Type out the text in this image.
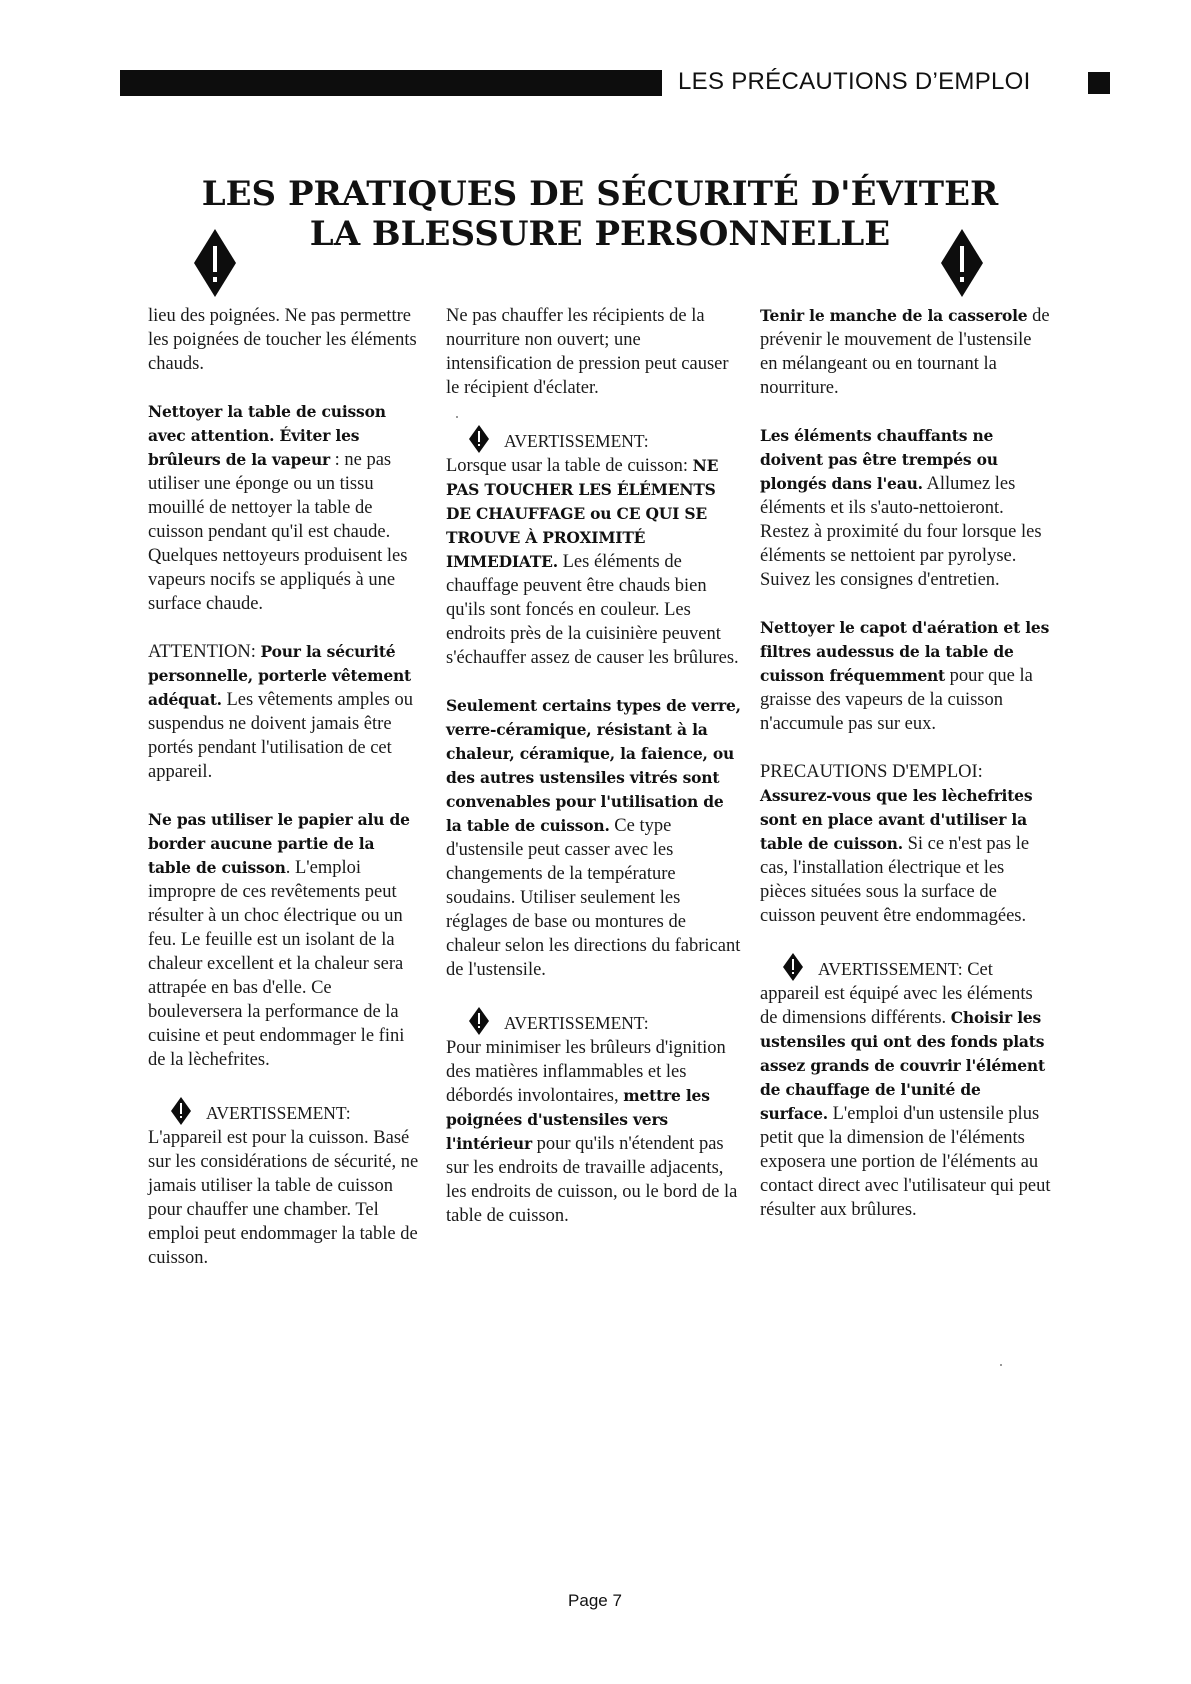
LES PRÉCAUTIONS D’EMPLOI
LES PRATIQUES DE SÉCURITÉ D'ÉVITER
LA BLESSURE PERSONNELLE

lieu des poignées. Ne pas permettre les poignées de toucher les éléments chauds.

Nettoyer la table de cuisson avec attention. Éviter les brûleurs de la vapeur : ne pas utiliser une éponge ou un tissu mouillé de nettoyer la table de cuisson pendant qu'il est chaude. Quelques nettoyeurs produisent les vapeurs nocifs se appliqués à une surface chaude.

ATTENTION: Pour la sécurité personnelle, porterle vêtement adéquat. Les vêtements amples ou suspendus ne doivent jamais être portés pendant l'utilisation de cet appareil.

Ne pas utiliser le papier alu de border aucune partie de la table de cuisson. L'emploi impropre de ces revêtements peut résulter à un choc électrique ou un feu. Le feuille est un isolant de la chaleur excellent et la chaleur sera attrapée en bas d'elle. Ce bouleversera la performance de la cuisine et peut endommager le fini de la lèchefrites.

AVERTISSEMENT:
L'appareil est pour la cuisson. Basé sur les considérations de sécurité, ne jamais utiliser la table de cuisson pour chauffer une chamber. Tel emploi peut endommager la table de cuisson.

Ne pas chauffer les récipients de la nourriture non ouvert; une intensification de pression peut causer le récipient d'éclater.

AVERTISSEMENT:
Lorsque usar la table de cuisson: NE PAS TOUCHER LES ÉLÉMENTS DE CHAUFFAGE ou CE QUI SE TROUVE À PROXIMITÉ IMMEDIATE. Les éléments de chauffage peuvent être chauds bien qu'ils sont foncés en couleur. Les endroits près de la cuisinière peuvent s'échauffer assez de causer les brûlures.

Seulement certains types de verre, verre-céramique, résistant à la chaleur, céramique, la faience, ou des autres ustensiles vitrés sont convenables pour l'utilisation de la table de cuisson. Ce type d'ustensile peut casser avec les changements de la température soudains. Utiliser seulement les réglages de base ou montures de chaleur selon les directions du fabricant de l'ustensile.

AVERTISSEMENT:
Pour minimiser les brûleurs d'ignition des matières inflammables et les débordés involontaires, mettre les poignées d'ustensiles vers l'intérieur pour qu'ils n'étendent pas sur les endroits de travaille adjacents, les endroits de cuisson, ou le bord de la table de cuisson.

Tenir le manche de la casserole de prévenir le mouvement de l'ustensile en mélangeant ou en tournant la nourriture.

Les éléments chauffants ne doivent pas être trempés ou plongés dans l'eau. Allumez les éléments et ils s'auto-nettoieront. Restez à proximité du four lorsque les éléments se nettoient par pyrolyse. Suivez les consignes d'entretien.

Nettoyer le capot d'aération et les filtres audessus de la table de cuisson fréquemment pour que la graisse des vapeurs de la cuisson n'accumule pas sur eux.

PRECAUTIONS D'EMPLOI: Assurez-vous que les lèchefrites sont en place avant d'utiliser la table de cuisson. Si ce n'est pas le cas, l'installation électrique et les pièces situées sous la surface de cuisson peuvent être endommagées.

AVERTISSEMENT: Cet appareil est équipé avec les éléments de dimensions différents. Choisir les ustensiles qui ont des fonds plats assez grands de couvrir l'élément de chauffage de l'unité de surface. L'emploi d'un ustensile plus petit que la dimension de l'éléments exposera une portion de l'éléments au contact direct avec l'utilisateur qui peut résulter aux brûlures.

Page 7
